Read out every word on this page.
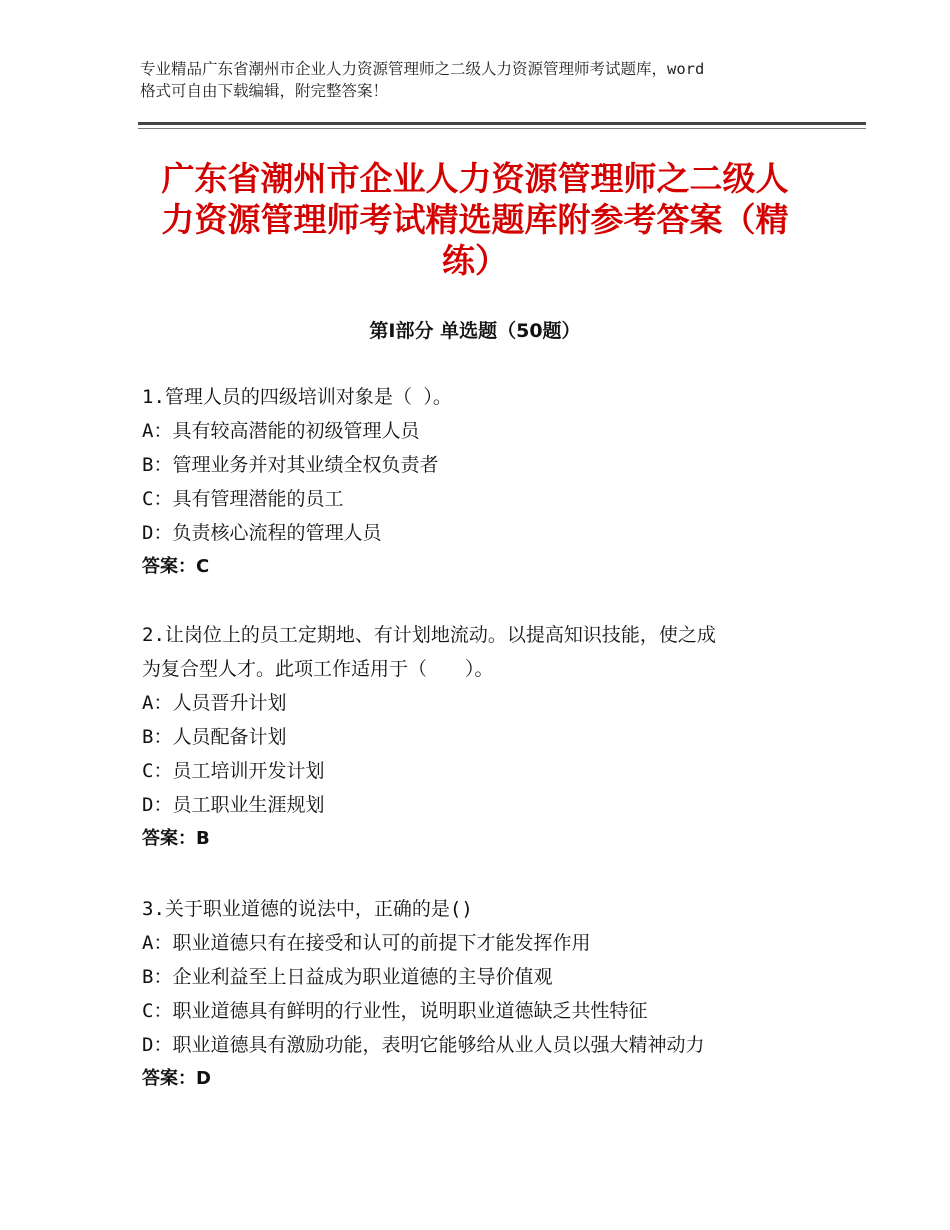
专业精品广东省潮州市企业人力资源管理师之二级人力资源管理师考试题库，word
格式可自由下载编辑，附完整答案！
广东省潮州市企业人力资源管理师之二级人
力资源管理师考试精选题库附参考答案（精
练）
第Ⅰ部分 单选题（50题）
1.管理人员的四级培训对象是（ ）。
A：具有较高潜能的初级管理人员
B：管理业务并对其业绩全权负责者
C：具有管理潜能的员工
D：负责核心流程的管理人员
答案：C
2.让岗位上的员工定期地、有计划地流动。以提高知识技能，使之成
为复合型人才。此项工作适用于（　　）。
A：人员晋升计划
B：人员配备计划
C：员工培训开发计划
D：员工职业生涯规划
答案：B
3.关于职业道德的说法中，正确的是()
A：职业道德只有在接受和认可的前提下才能发挥作用
B：企业利益至上日益成为职业道德的主导价值观
C：职业道德具有鲜明的行业性，说明职业道德缺乏共性特征
D：职业道德具有激励功能，表明它能够给从业人员以强大精神动力
答案：D
